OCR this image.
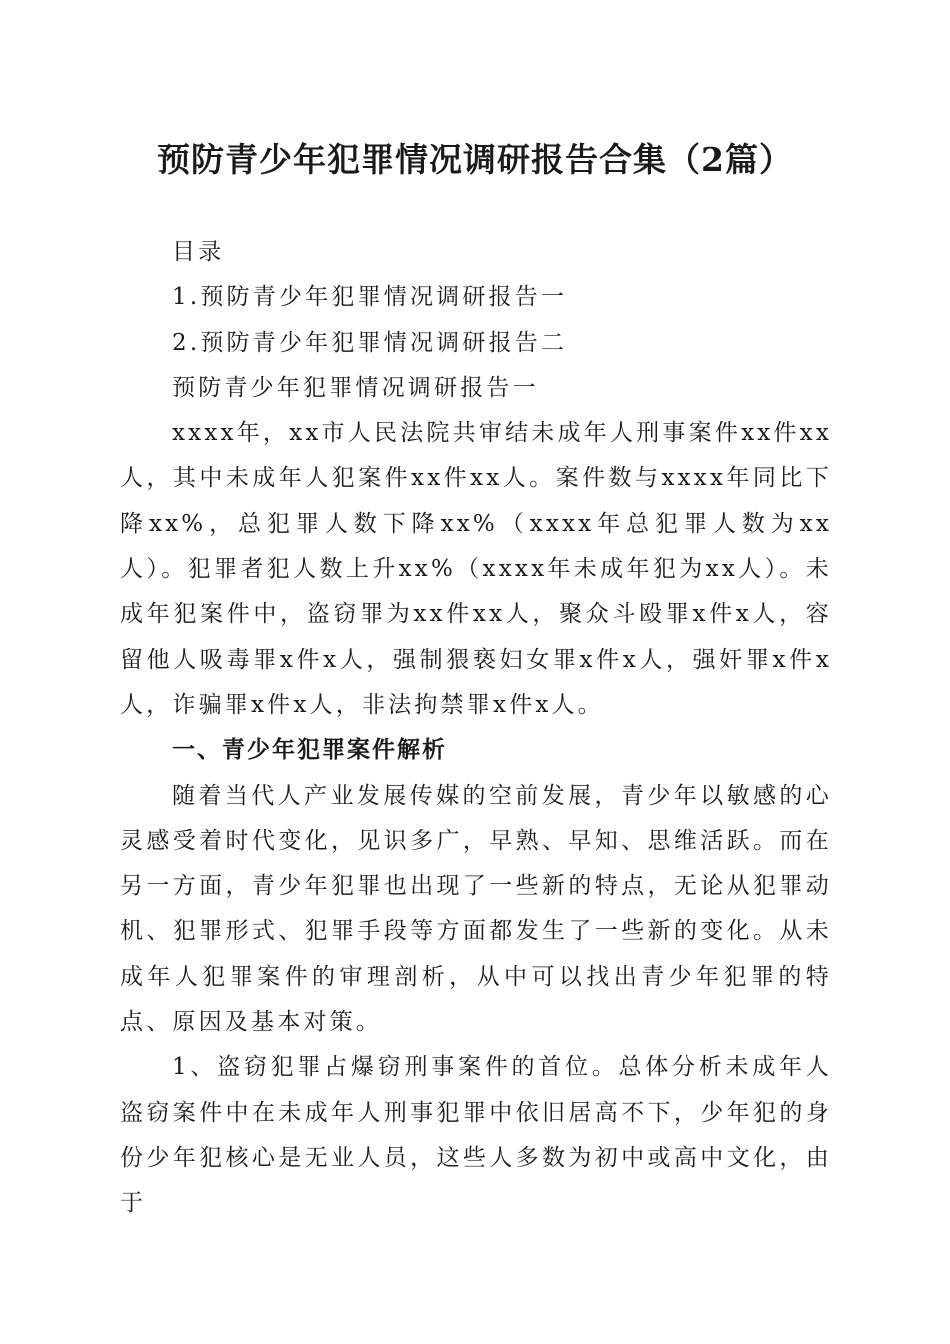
预防青少年犯罪情况调研报告合集（2篇）

目录

1.预防青少年犯罪情况调研报告一

2.预防青少年犯罪情况调研报告二

预防青少年犯罪情况调研报告一

xxxx年，xx市人民法院共审结未成年人刑事案件xx件xx人，其中未成年人犯案件xx件xx人。案件数与xxxx年同比下降xx%，总犯罪人数下降xx%（xxxx年总犯罪人数为xx人）。犯罪者犯人数上升xx%（xxxx年未成年犯为xx人）。未成年犯案件中，盗窃罪为xx件xx人，聚众斗殴罪x件x人，容留他人吸毒罪x件x人，强制猥亵妇女罪x件x人，强奸罪x件x人，诈骗罪x件x人，非法拘禁罪x件x人。

一、青少年犯罪案件解析

随着当代人产业发展传媒的空前发展，青少年以敏感的心灵感受着时代变化，见识多广，早熟、早知、思维活跃。而在另一方面，青少年犯罪也出现了一些新的特点，无论从犯罪动机、犯罪形式、犯罪手段等方面都发生了一些新的变化。从未成年人犯罪案件的审理剖析，从中可以找出青少年犯罪的特点、原因及基本对策。

1、盗窃犯罪占爆窃刑事案件的首位。总体分析未成年人盗窃案件中在未成年人刑事犯罪中依旧居高不下，少年犯的身份少年犯核心是无业人员，这些人多数为初中或高中文化，由于
